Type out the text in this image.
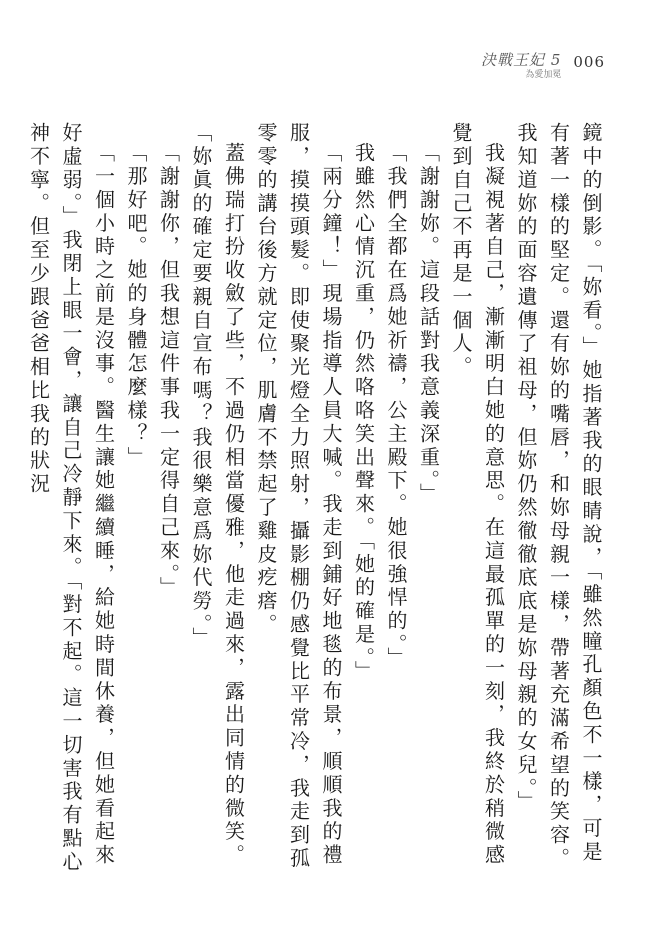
決戰王妃 5
為愛加冕
006

鏡中的倒影。「妳看。」她指著我的眼睛說，「雖然瞳孔顏色不一樣，可是有著一樣的堅定。還有妳的嘴唇，和妳母親一樣，帶著充滿希望的笑容。我知道妳的面容遺傳了祖母，但妳仍然徹徹底底是妳母親的女兒。」

我凝視著自己，漸漸明白她的意思。在這最孤單的一刻，我終於稍微感覺到自己不再是一個人。

「謝謝妳。這段話對我意義深重。」

「我們全都在爲她祈禱，公主殿下。她很強悍的。」

我雖然心情沉重，仍然咯咯笑出聲來。「她的確是。」

「兩分鐘！」現場指導人員大喊。我走到鋪好地毯的布景，順順我的禮服，摸摸頭髮。即使聚光燈全力照射，攝影棚仍感覺比平常冷，我走到孤零零的講台後方就定位，肌膚不禁起了雞皮疙瘩。

蓋佛瑞打扮收斂了些，不過仍相當優雅，他走過來，露出同情的微笑。「妳眞的確定要親自宣布嗎？我很樂意爲妳代勞。」

「謝謝你，但我想這件事我一定得自己來。」

「那好吧。她的身體怎麼樣？」

「一個小時之前是沒事。醫生讓她繼續睡，給她時間休養，但她看起來好虛弱。」我閉上眼一會，讓自己冷靜下來。「對不起。這一切害我有點心神不寧。但至少跟爸爸相比我的狀況
